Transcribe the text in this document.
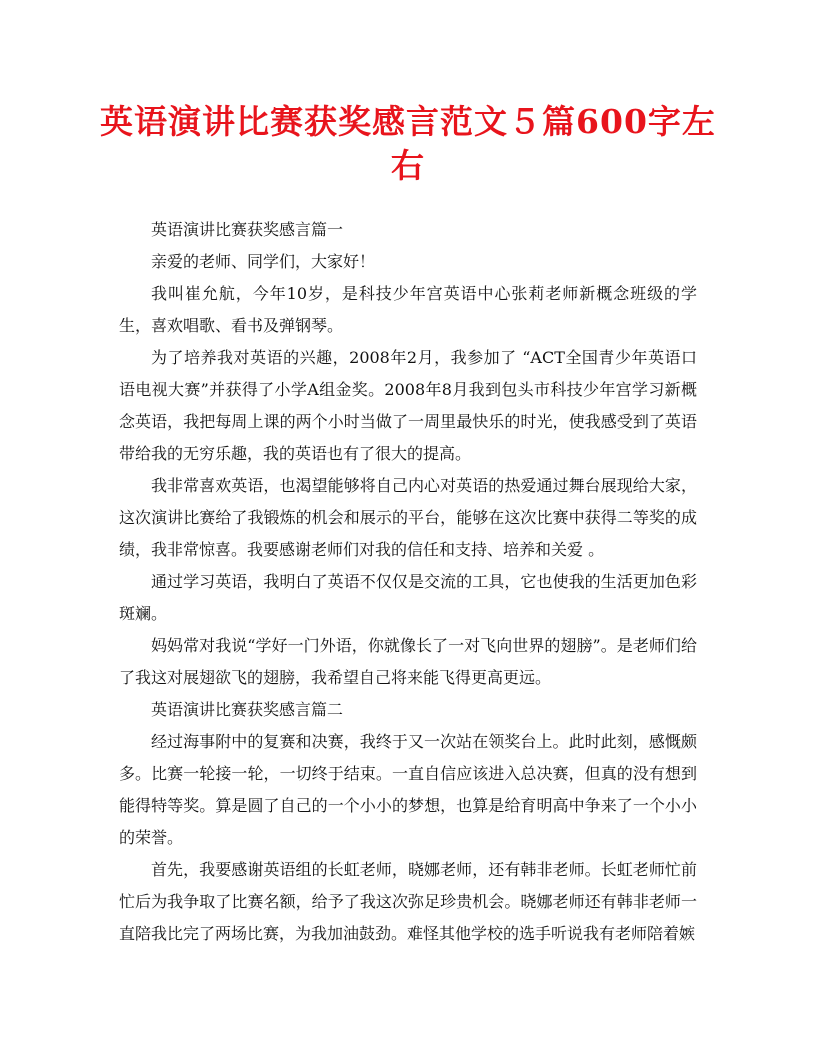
英语演讲比赛获奖感言范文５篇600字左右

英语演讲比赛获奖感言篇一

亲爱的老师、同学们，大家好！

我叫崔允航，今年10岁，是科技少年宫英语中心张莉老师新概念班级的学生，喜欢唱歌、看书及弹钢琴。

为了培养我对英语的兴趣，2008年2月，我参加了 “ACT全国青少年英语口语电视大赛”并获得了小学A组金奖。2008年8月我到包头市科技少年宫学习新概念英语，我把每周上课的两个小时当做了一周里最快乐的时光，使我感受到了英语带给我的无穷乐趣，我的英语也有了很大的提高。

我非常喜欢英语，也渴望能够将自己内心对英语的热爱通过舞台展现给大家，这次演讲比赛给了我锻炼的机会和展示的平台，能够在这次比赛中获得二等奖的成绩，我非常惊喜。我要感谢老师们对我的信任和支持、培养和关爱 。

通过学习英语，我明白了英语不仅仅是交流的工具，它也使我的生活更加色彩斑斓。

妈妈常对我说“学好一门外语，你就像长了一对飞向世界的翅膀”。是老师们给了我这对展翅欲飞的翅膀，我希望自己将来能飞得更高更远。

英语演讲比赛获奖感言篇二

经过海事附中的复赛和决赛，我终于又一次站在领奖台上。此时此刻，感慨颇多。比赛一轮接一轮，一切终于结束。一直自信应该进入总决赛，但真的没有想到能得特等奖。算是圆了自己的一个小小的梦想，也算是给育明高中争来了一个小小的荣誉。

首先，我要感谢英语组的长虹老师，晓娜老师，还有韩非老师。长虹老师忙前忙后为我争取了比赛名额，给予了我这次弥足珍贵机会。晓娜老师还有韩非老师一直陪我比完了两场比赛，为我加油鼓劲。难怪其他学校的选手听说我有老师陪着嫉
